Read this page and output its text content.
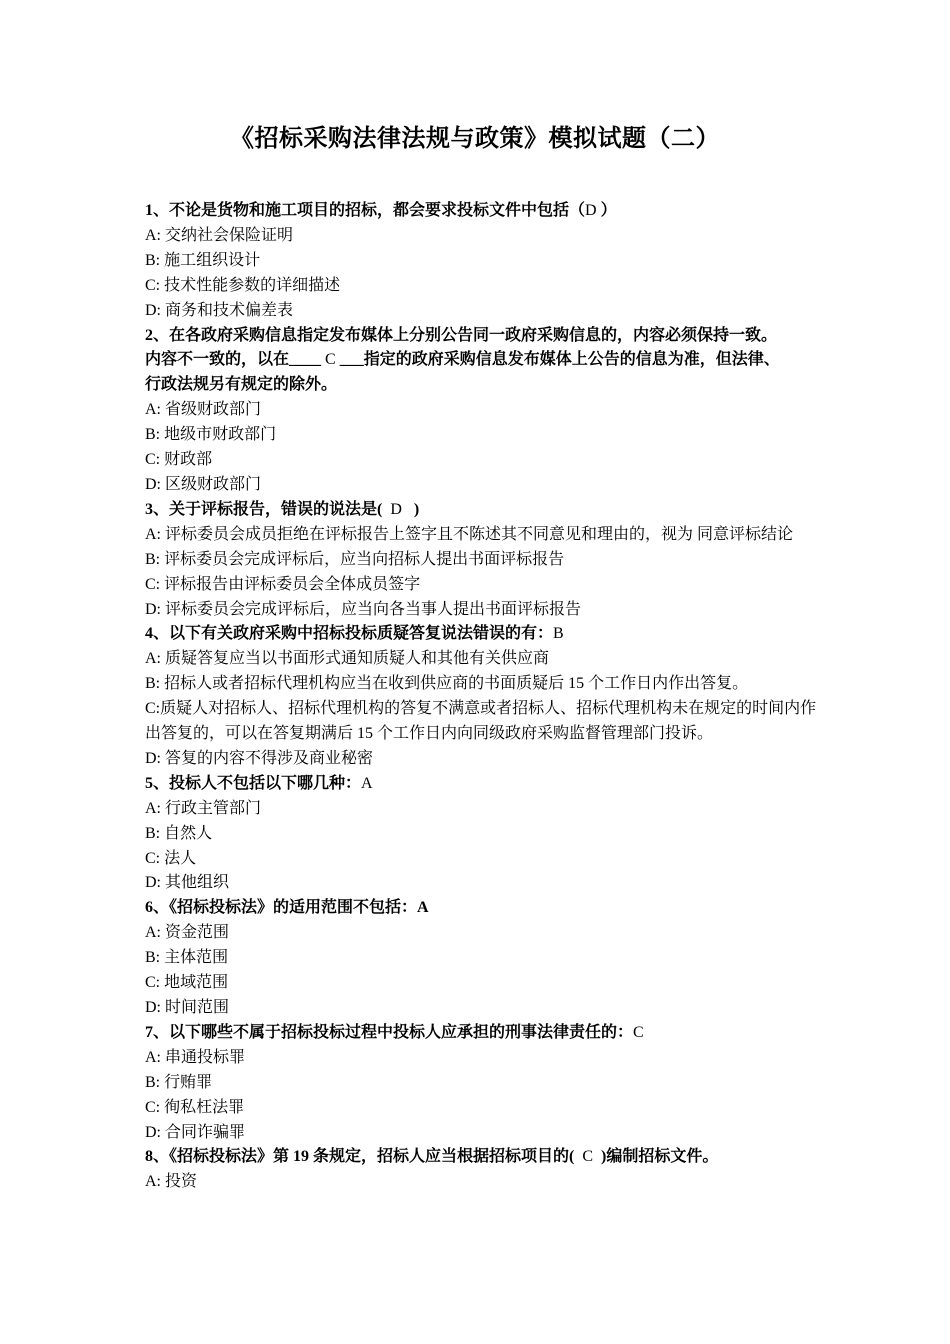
《招标采购法律法规与政策》模拟试题（二）

1、不论是货物和施工项目的招标，都会要求投标文件中包括（D ）

A: 交纳社会保险证明

B: 施工组织设计

C: 技术性能参数的详细描述

D: 商务和技术偏差表

2、在各政府采购信息指定发布媒体上分别公告同一政府采购信息的，内容必须保持一致。

内容不一致的，以在____ C ___指定的政府采购信息发布媒体上公告的信息为准，但法律、

行政法规另有规定的除外。

A: 省级财政部门

B: 地级市财政部门

C: 财政部

D: 区级财政部门

3、关于评标报告，错误的说法是(  D   )

A: 评标委员会成员拒绝在评标报告上签字且不陈述其不同意见和理由的，视为 同意评标结论

B: 评标委员会完成评标后，应当向招标人提出书面评标报告

C: 评标报告由评标委员会全体成员签字

D: 评标委员会完成评标后，应当向各当事人提出书面评标报告

4、以下有关政府采购中招标投标质疑答复说法错误的有：B

A: 质疑答复应当以书面形式通知质疑人和其他有关供应商

B: 招标人或者招标代理机构应当在收到供应商的书面质疑后 15 个工作日内作出答复。

C:质疑人对招标人、招标代理机构的答复不满意或者招标人、招标代理机构未在规定的时间内作出答复的，可以在答复期满后 15 个工作日内向同级政府采购监督管理部门投诉。

D: 答复的内容不得涉及商业秘密

5、投标人不包括以下哪几种：A

A: 行政主管部门

B: 自然人

C: 法人

D: 其他组织

6、《招标投标法》的适用范围不包括：A

A: 资金范围

B: 主体范围

C: 地域范围

D: 时间范围

7、以下哪些不属于招标投标过程中投标人应承担的刑事法律责任的：C

A: 串通投标罪

B: 行贿罪

C: 徇私枉法罪

D: 合同诈骗罪

8、《招标投标法》第 19 条规定，招标人应当根据招标项目的(  C  )编制招标文件。

A: 投资
